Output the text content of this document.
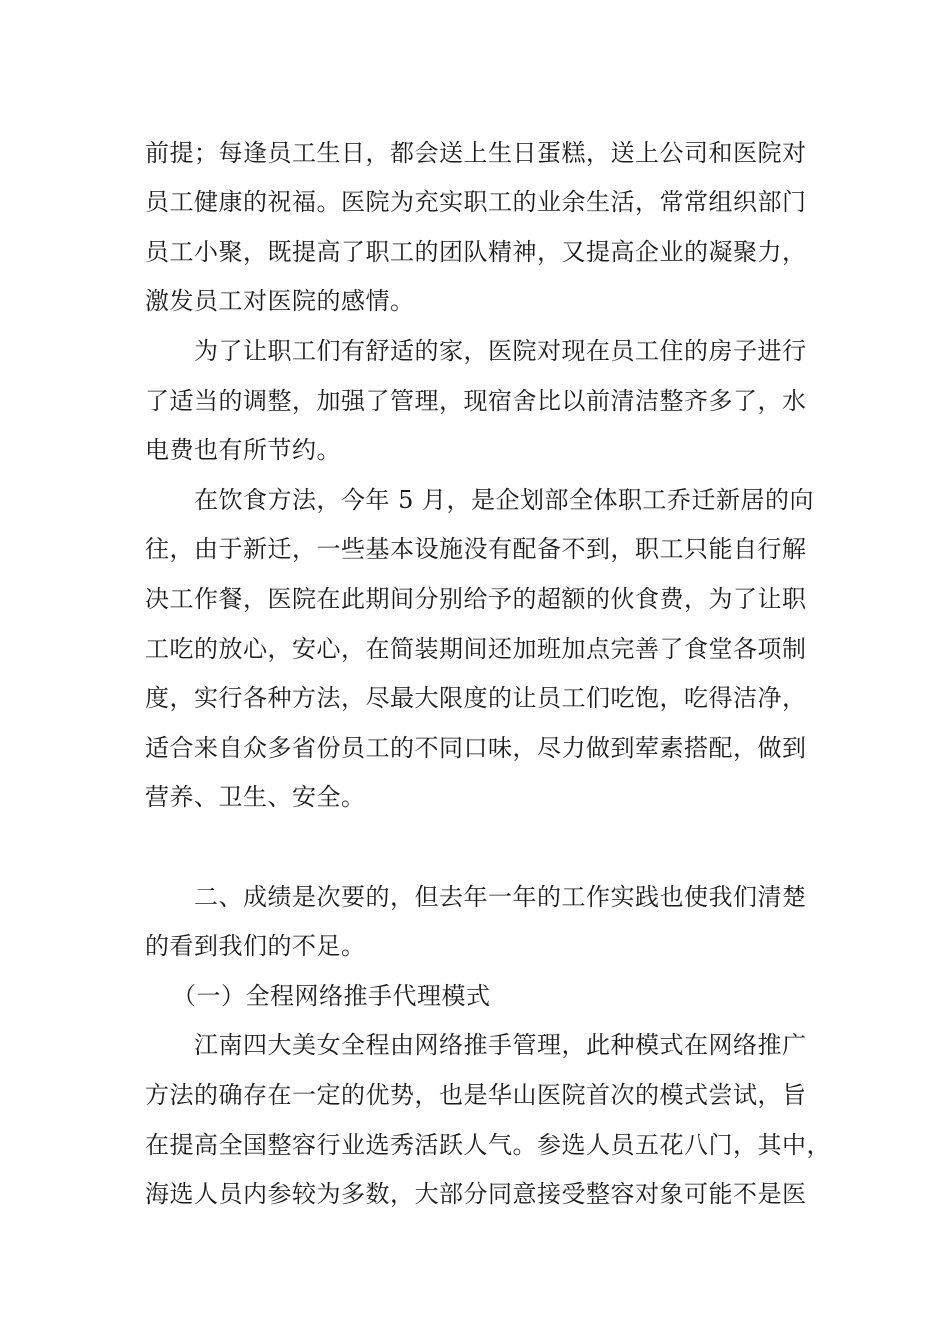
前提；每逢员工生日，都会送上生日蛋糕，送上公司和医院对
员工健康的祝福。医院为充实职工的业余生活，常常组织部门
员工小聚，既提高了职工的团队精神，又提高企业的凝聚力，
激发员工对医院的感情。
为了让职工们有舒适的家，医院对现在员工住的房子进行
了适当的调整，加强了管理，现宿舍比以前清洁整齐多了，水
电费也有所节约。
在饮食方法，今年 5 月，是企划部全体职工乔迁新居的向
往，由于新迁，一些基本设施没有配备不到，职工只能自行解
决工作餐，医院在此期间分别给予的超额的伙食费，为了让职
工吃的放心，安心，在简装期间还加班加点完善了食堂各项制
度，实行各种方法，尽最大限度的让员工们吃饱，吃得洁净，
适合来自众多省份员工的不同口味，尽力做到荤素搭配，做到
营养、卫生、安全。
二、成绩是次要的，但去年一年的工作实践也使我们清楚
的看到我们的不足。
（一）全程网络推手代理模式
江南四大美女全程由网络推手管理，此种模式在网络推广
方法的确存在一定的优势，也是华山医院首次的模式尝试，旨
在提高全国整容行业选秀活跃人气。参选人员五花八门，其中，
海选人员内参较为多数，大部分同意接受整容对象可能不是医
